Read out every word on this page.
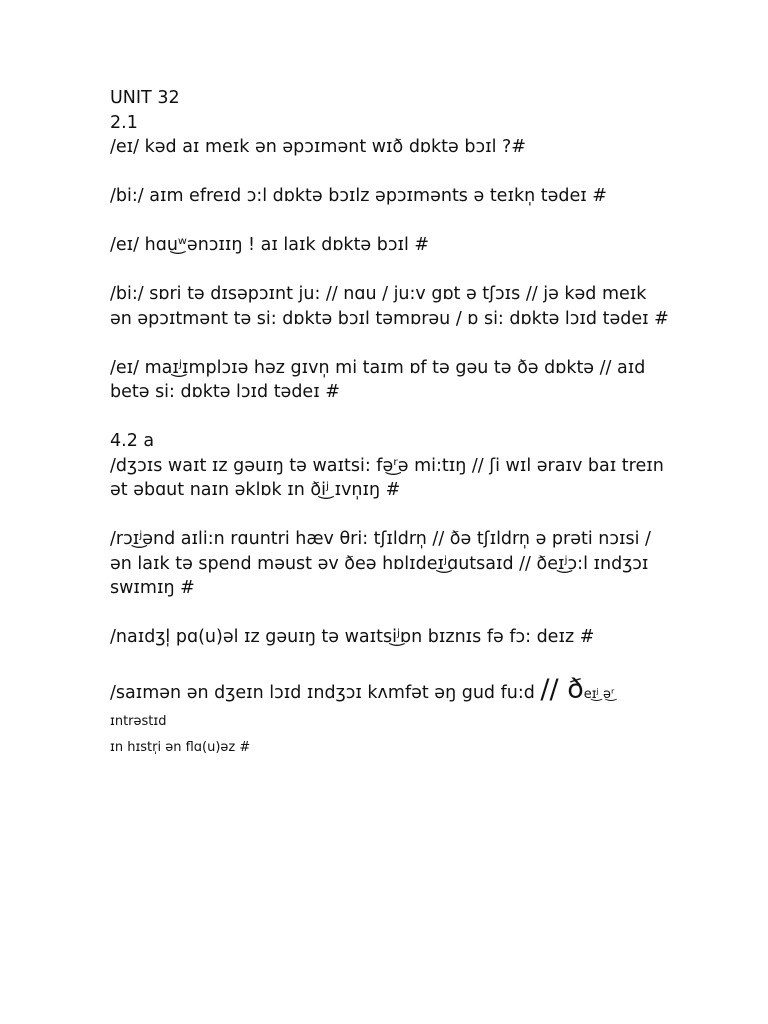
UNIT 32
2.1
/eɪ/ kəd aɪ meɪk ən əpɔɪmənt wɪð dɒktə bɔɪl ?#
/bi:/ aɪm efreɪd ɔ:l dɒktə bɔɪlz əpɔɪmənts ə teɪkn̩ tədeɪ #
/eɪ/ hɑu͜ʷənɔɪɪŋ ! aɪ laɪk dɒktə bɔɪl #
/bi:/ sɒri tə dɪsəpɔɪnt ju: // nɑu / ju:v gɒt ə tʃɔɪs // jə kəd meɪk
ən əpɔɪtmənt tə si: dɒktə bɔɪl təmɒrəu / ɒ si: dɒktə lɔɪd tədeɪ #
/eɪ/ maɪ͜ʲɪmplɔɪə həz gɪvn̩ mi taɪm ɒf tə gəu tə ðə dɒktə // aɪd
betə si: dɒktə lɔɪd tədeɪ #
4.2 a
/dʒɔɪs waɪt ɪz gəuɪŋ tə waɪtsi: fə͜ʳə mi:tɪŋ // ʃi wɪl əraɪv baɪ treɪn
ət əbɑut naɪn əklɒk ɪn ði͜ʲ ɪvn̩ɪŋ #
/rɔɪ͜ʲənd aɪli:n rɑuntri hæv θri: tʃɪldrn̩ // ðə tʃɪldrn̩ ə prəti nɔɪsi /
ən laɪk tə spend məust əv ðeə hɒlɪdeɪ͜ʲɑutsaɪd // ðeɪ͜ʲɔ:l ɪndʒɔɪ
swɪmɪŋ #
/naɪdʒl̩ pɑ(u)əl ɪz gəuɪŋ tə waɪtsi͜ʲɒn bɪznɪs fə fɔ: deɪz #
/saɪmən ən dʒeɪn lɔɪd ɪndʒɔɪ kʌmfət əŋ gud fu:d // ðeɪ͜ʲ ə͜ʳ ɪntrəstɪd
ɪn hɪstr̩i ən flɑ(u)əz #
